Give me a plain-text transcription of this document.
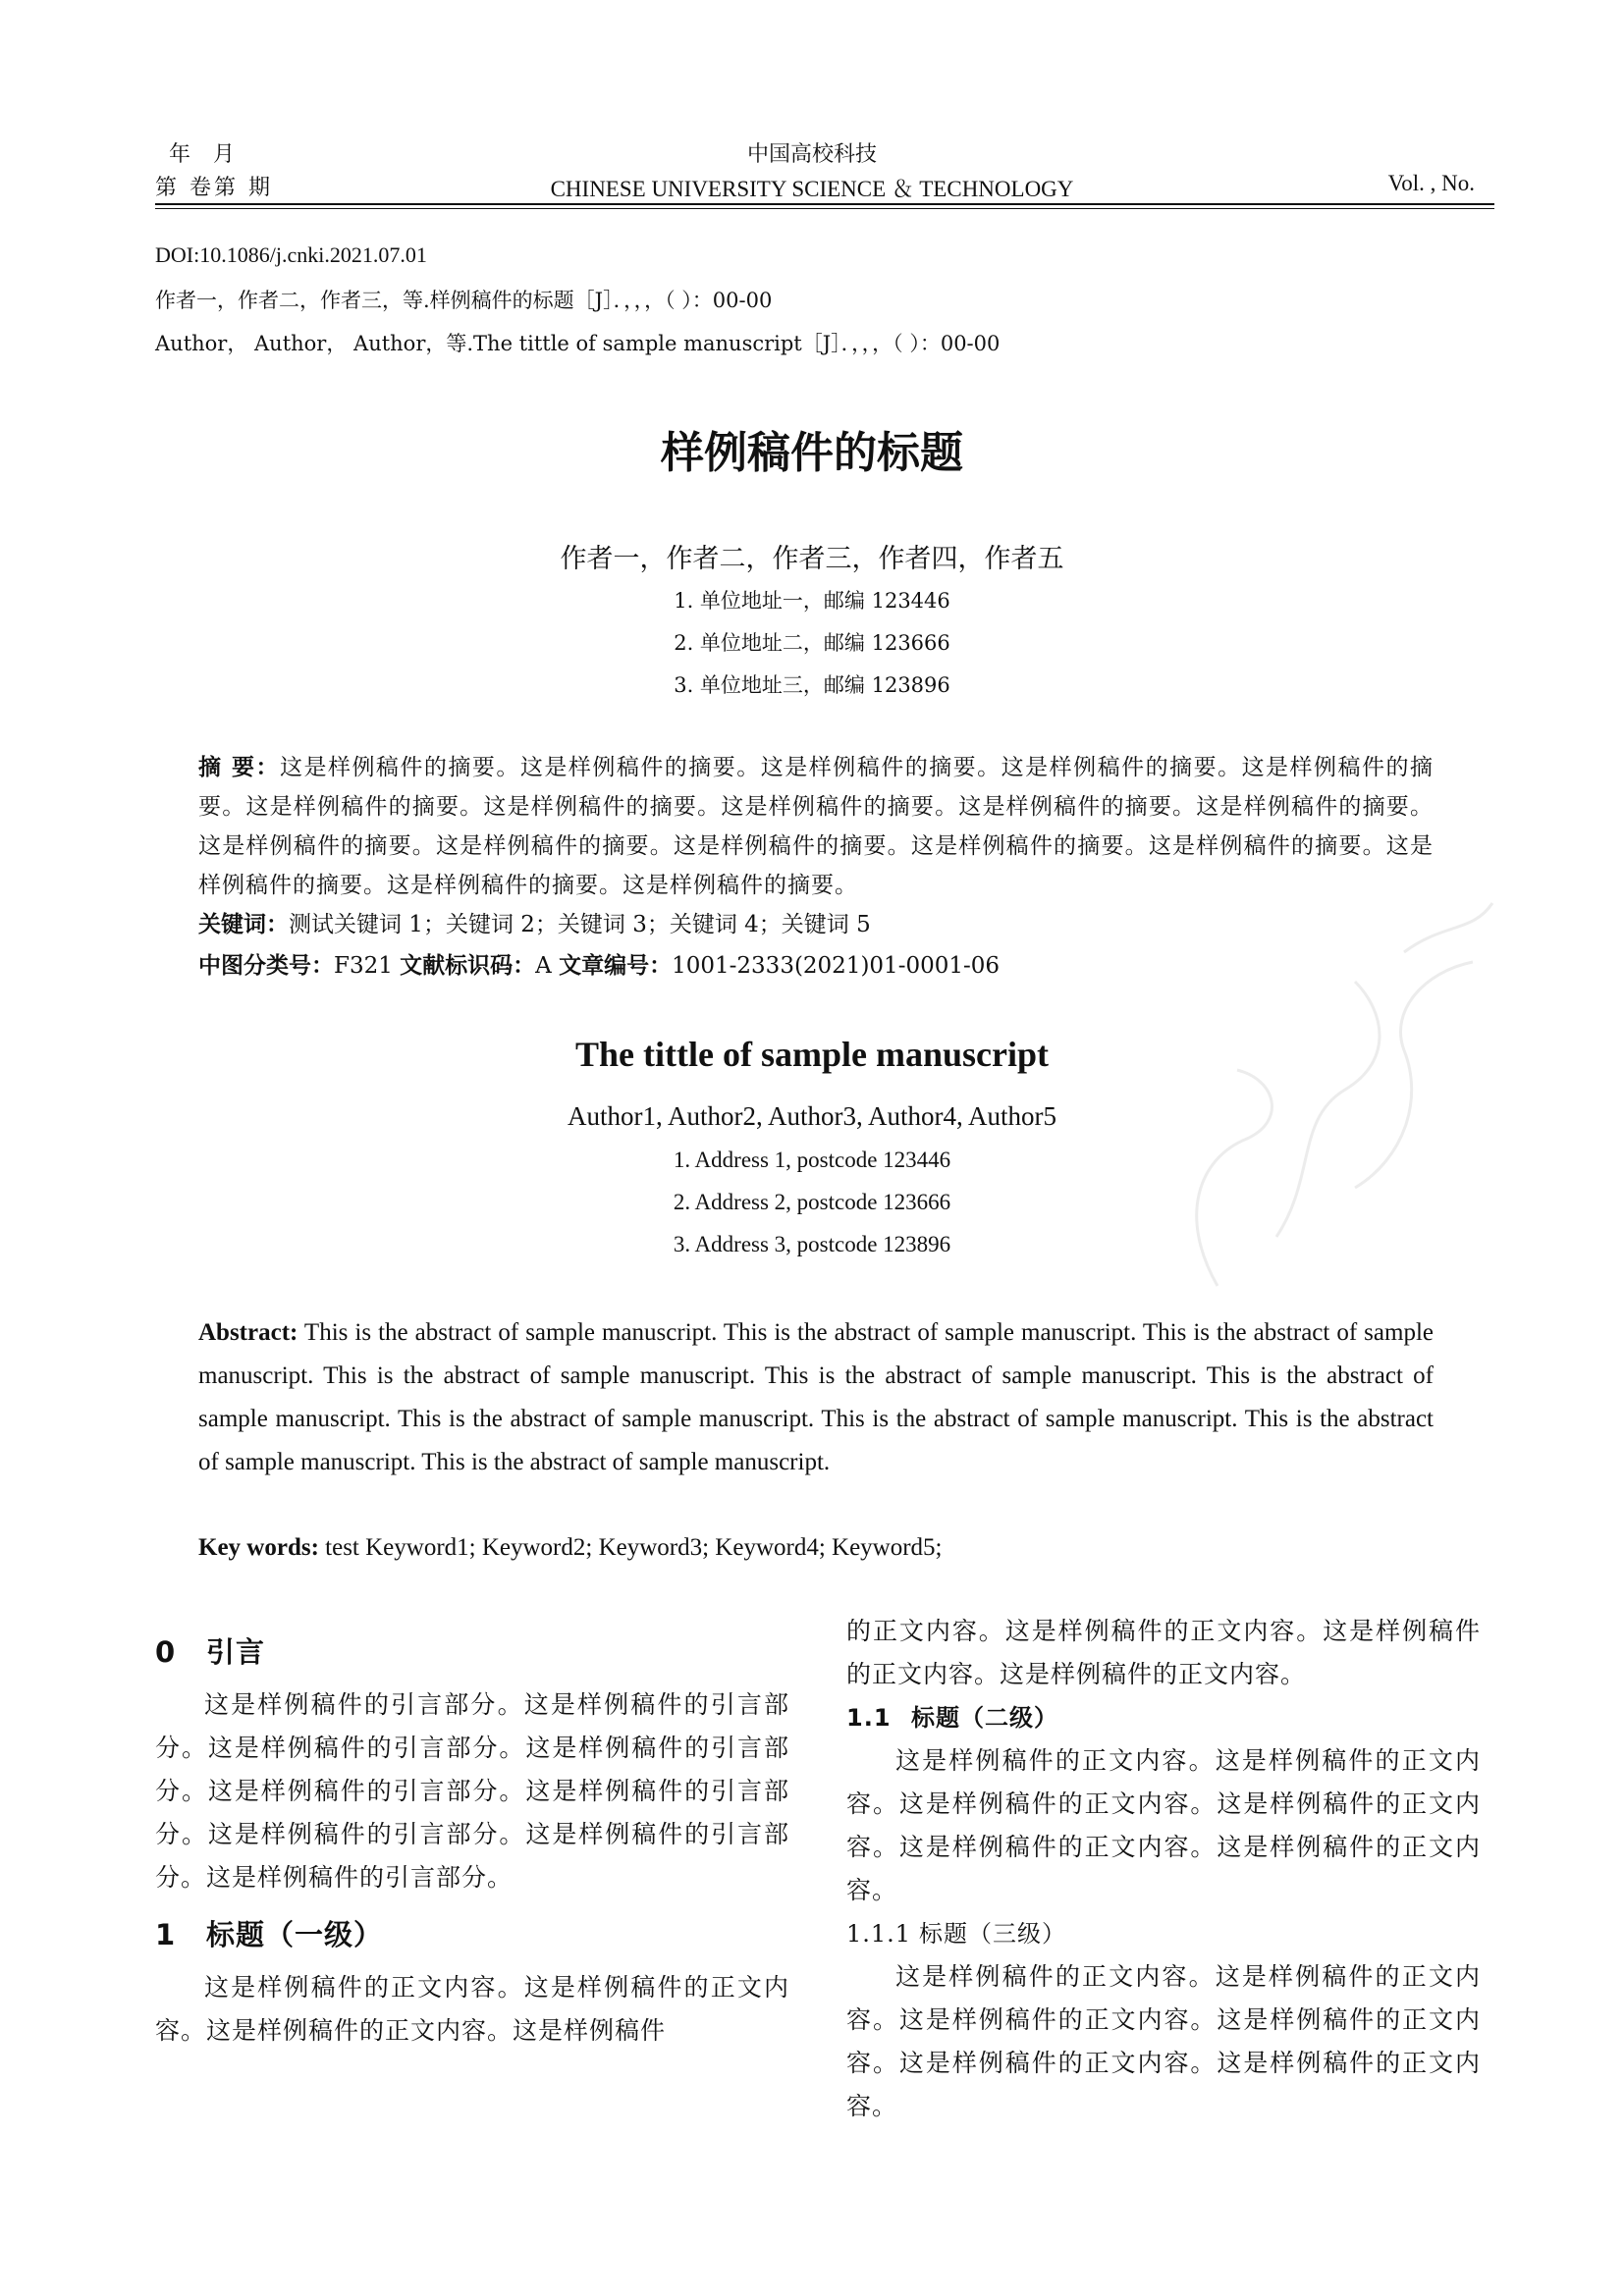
年 月
第 卷第 期
中国高校科技
CHINESE UNIVERSITY SCIENCE ＆ TECHNOLOGY	Vol. , No.
DOI:10.1086/j.cnki.2021.07.01
作者一，作者二，作者三，等.样例稿件的标题［J］．，，，（ ）：00-00
Author， Author， Author，等.The tittle of sample manuscript［J］．，，，（ ）：00-00
样例稿件的标题
作者一，作者二，作者三，作者四，作者五
1. 单位地址一，邮编 123446
2. 单位地址二，邮编 123666
3. 单位地址三，邮编 123896
摘 要：这是样例稿件的摘要。这是样例稿件的摘要。这是样例稿件的摘要。这是样例稿件的摘要。这是样例稿件的摘要。这是样例稿件的摘要。这是样例稿件的摘要。这是样例稿件的摘要。这是样例稿件的摘要。这是样例稿件的摘要。这是样例稿件的摘要。这是样例稿件的摘要。这是样例稿件的摘要。这是样例稿件的摘要。这是样例稿件的摘要。这是样例稿件的摘要。这是样例稿件的摘要。这是样例稿件的摘要。
关键词：测试关键词 1；关键词 2；关键词 3；关键词 4；关键词 5
中图分类号：F321 文献标识码：A 文章编号：1001-2333(2021)01-0001-06
The tittle of sample manuscript
Author1, Author2, Author3, Author4, Author5
1. Address 1, postcode 123446
2. Address 2, postcode 123666
3. Address 3, postcode 123896
Abstract: This is the abstract of sample manuscript. This is the abstract of sample manuscript. This is the abstract of sample manuscript. This is the abstract of sample manuscript. This is the abstract of sample manuscript. This is the abstract of sample manuscript. This is the abstract of sample manuscript. This is the abstract of sample manuscript. This is the abstract of sample manuscript. This is the abstract of sample manuscript.
Key words: test Keyword1; Keyword2; Keyword3; Keyword4; Keyword5;
0 引言

这是样例稿件的引言部分。这是样例稿件的引言部分。这是样例稿件的引言部分。这是样例稿件的引言部分。这是样例稿件的引言部分。这是样例稿件的引言部分。这是样例稿件的引言部分。这是样例稿件的引言部分。这是样例稿件的引言部分。

1 标题（一级）

这是样例稿件的正文内容。这是样例稿件的正文内容。这是样例稿件的正文内容。这是样例稿件

的正文内容。这是样例稿件的正文内容。这是样例稿件的正文内容。这是样例稿件的正文内容。

1.1 标题（二级）

这是样例稿件的正文内容。这是样例稿件的正文内容。这是样例稿件的正文内容。这是样例稿件的正文内容。这是样例稿件的正文内容。这是样例稿件的正文内容。

1.1.1 标题（三级）

这是样例稿件的正文内容。这是样例稿件的正文内容。这是样例稿件的正文内容。这是样例稿件的正文内容。这是样例稿件的正文内容。这是样例稿件的正文内容。
